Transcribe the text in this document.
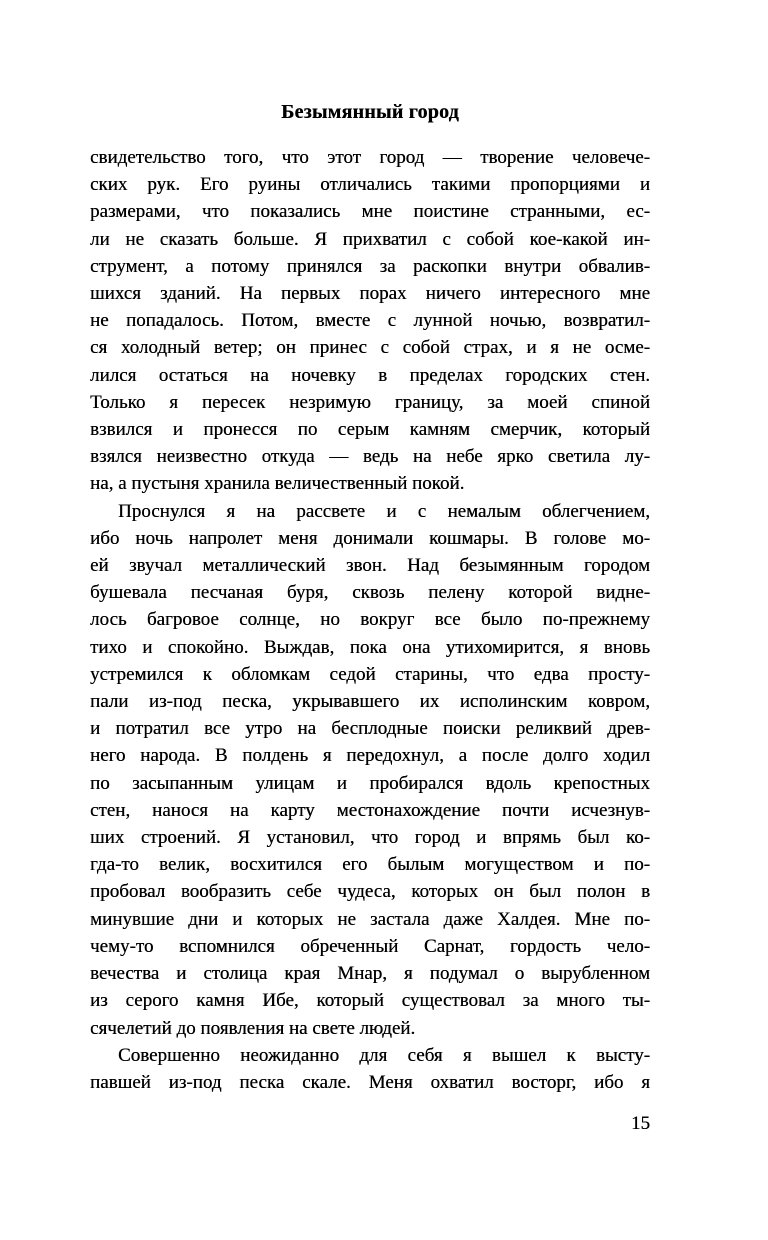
Безымянный город
свидетельство того, что этот город — творение человече-
ских рук. Его руины отличались такими пропорциями и
размерами, что показались мне поистине странными, ес-
ли не сказать больше. Я прихватил с собой кое-какой ин-
струмент, а потому принялся за раскопки внутри обвалив-
шихся зданий. На первых порах ничего интересного мне
не попадалось. Потом, вместе с лунной ночью, возвратил-
ся холодный ветер; он принес с собой страх, и я не осме-
лился остаться на ночевку в пределах городских стен.
Только я пересек незримую границу, за моей спиной
взвился и пронесся по серым камням смерчик, который
взялся неизвестно откуда — ведь на небе ярко светила лу-
на, а пустыня хранила величественный покой.
Проснулся я на рассвете и с немалым облегчением,
ибо ночь напролет меня донимали кошмары. В голове мо-
ей звучал металлический звон. Над безымянным городом
бушевала песчаная буря, сквозь пелену которой видне-
лось багровое солнце, но вокруг все было по-прежнему
тихо и спокойно. Выждав, пока она утихомирится, я вновь
устремился к обломкам седой старины, что едва просту-
пали из-под песка, укрывавшего их исполинским ковром,
и потратил все утро на бесплодные поиски реликвий древ-
него народа. В полдень я передохнул, а после долго ходил
по засыпанным улицам и пробирался вдоль крепостных
стен, нанося на карту местонахождение почти исчезнув-
ших строений. Я установил, что город и впрямь был ко-
гда-то велик, восхитился его былым могуществом и по-
пробовал вообразить себе чудеса, которых он был полон в
минувшие дни и которых не застала даже Халдея. Мне по-
чему-то вспомнился обреченный Сарнат, гордость чело-
вечества и столица края Мнар, я подумал о вырубленном
из серого камня Ибе, который существовал за много ты-
сячелетий до появления на свете людей.
Совершенно неожиданно для себя я вышел к высту-
павшей из-под песка скале. Меня охватил восторг, ибо я
15
